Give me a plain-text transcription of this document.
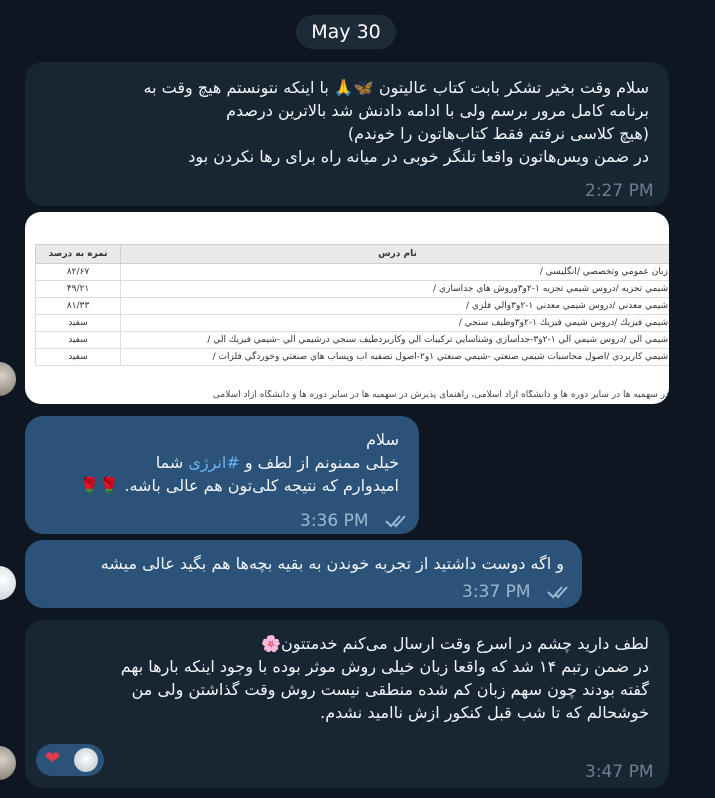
May 30

سلام وقت بخیر تشکر بابت کتاب عالیتون 🦋🙏 با اینکه نتونستم هیچ وقت به

برنامه کامل مرور برسم ولی با ادامه دادنش شد بالاترین درصدم

(هیچ کلاسی نرفتم فقط کتاب‌هاتون را خوندم)

در ضمن ویس‌هاتون واقعا تلنگر خوبی در میانه راه برای رها نکردن بود

2:27 PM
نام درس	نمره به درصد
زبان عمومي وتخصصي /انگليسي /	۸۲/۶۷
شيمي تجزيه /دروس شيمي تجزيه ۱-۲و۳وروش هاي جداسازي /	۴۹/۲۱
شيمي معدني /دروس شيمي معدني ۱-۲و۳والي فلزي /	۸۱/۳۳
شيمي فيزيك /دروس شيمي فيزيك ۱-۲و۳وطيف سنجي /	سفيد
شيمي الي /دروس شيمي الي ۱-۲و۳-جداسازي وشناسايي تركيبات الي وكاربردطيف سنجي درشيمي الي -شيمي فيزيك الي /	سفيد
شيمي كاربردي /اصول محاسبات شيمي صنعتي -شيمي صنعتي ۱و۲-اصول تصفيه اب وپساب هاي صنعتي وخوردگي فلزات /	سفيد
در سهمیه ها در سایر دوره ها و دانشگاه آزاد اسلامی، راهنمای پذیرش در سهمیه ها در سایر دوره ها و دانشگاه آزاد اسلامی

سلام

خیلی ممنونم از لطف و #انرژی شما

امیدوارم که نتیجه کلی‌تون هم عالی باشه. 🌹🌹

3:36 PM

و اگه دوست داشتید از تجربه خوندن به بقیه بچه‌ها هم بگید عالی میشه

3:37 PM

لطف دارید چشم در اسرع وقت ارسال می‌کنم خدمتتون🌸

در ضمن رتبم ۱۴ شد که واقعا زبان خیلی روش موثر بوده با وجود اینکه بارها بهم

گفته بودند چون سهم زبان کم شده منطقی نیست روش وقت گذاشتن ولی من

خوشحالم که تا شب قبل کنکور ازش ناامید نشدم.

3:47 PM
❤
